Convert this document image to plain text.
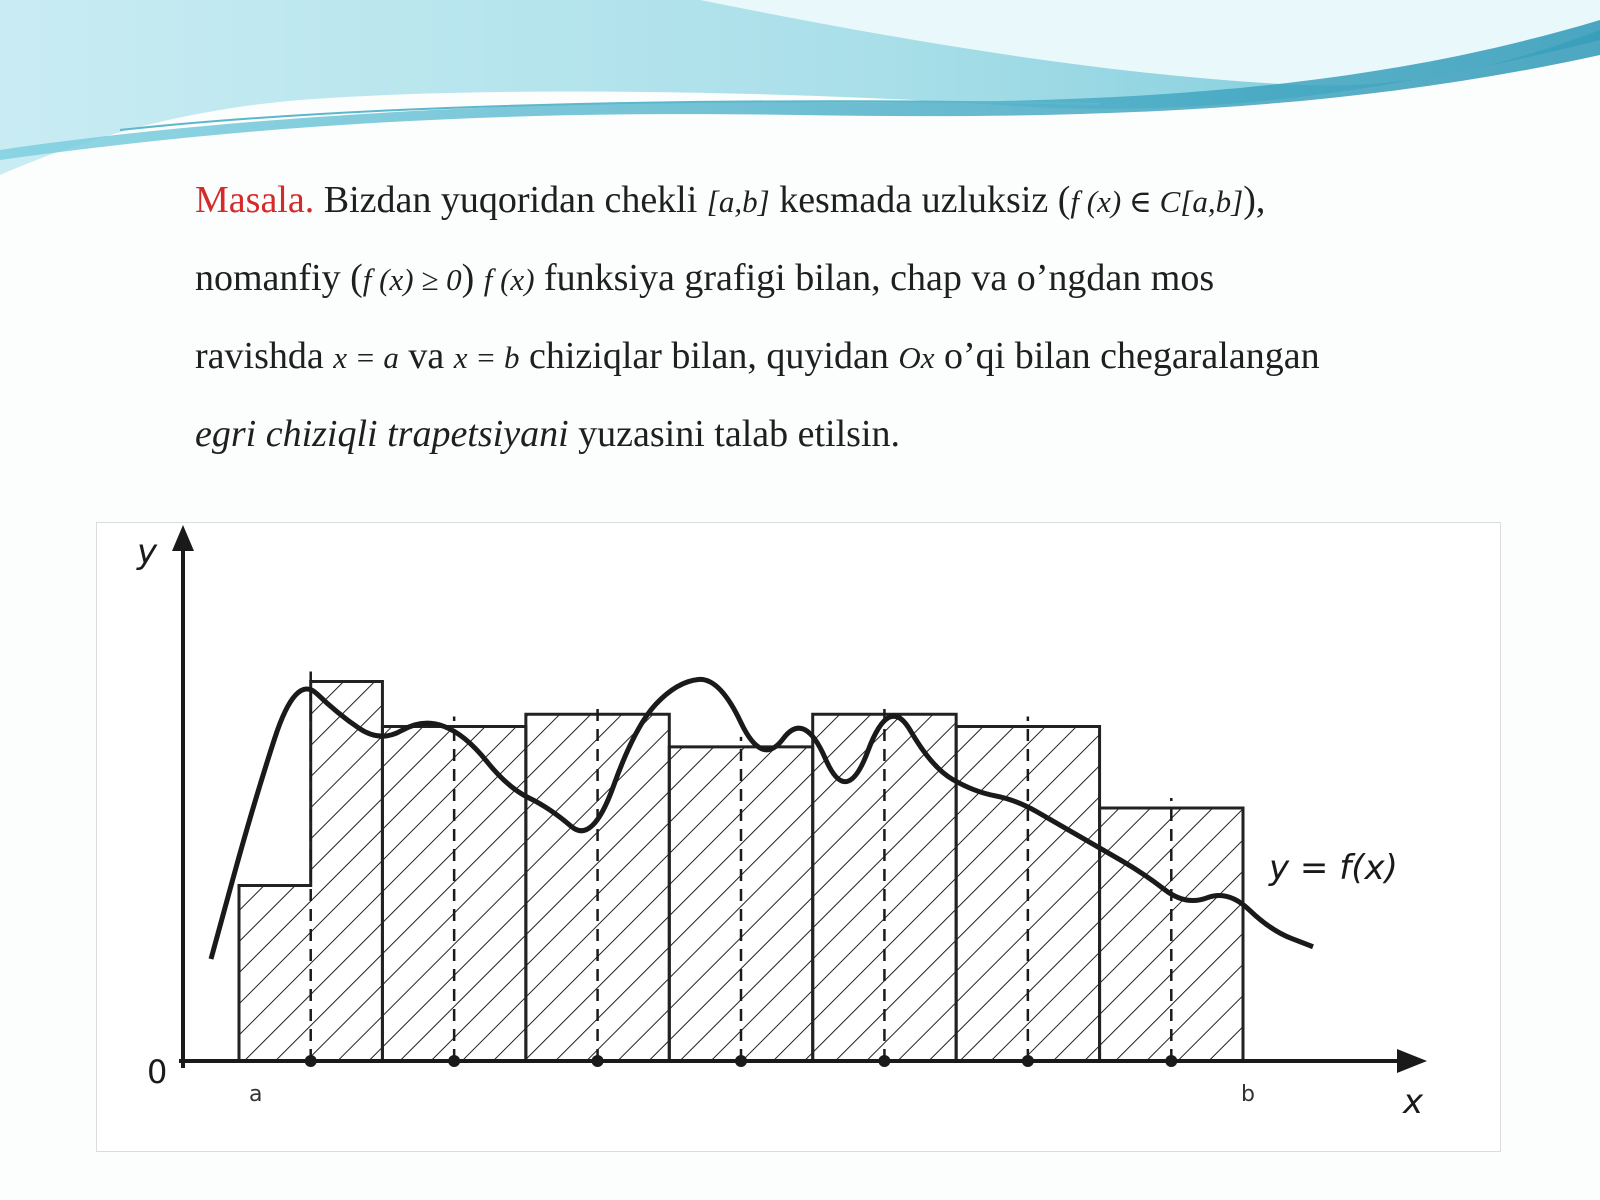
Masala. Bizdan yuqoridan chekli [a,b] kesmada uzluksiz (f (x) ∈ C[a,b]),
nomanfiy (f (x) ≥ 0) f (x) funksiya grafigi bilan, chap va o’ngdan mos
ravishda x = a va x = b chiziqlar bilan, quyidan Ox o’qi bilan chegaralangan
egri chiziqli trapetsiyani yuzasini talab etilsin.
y
x
0
a	b
y = f(x)
